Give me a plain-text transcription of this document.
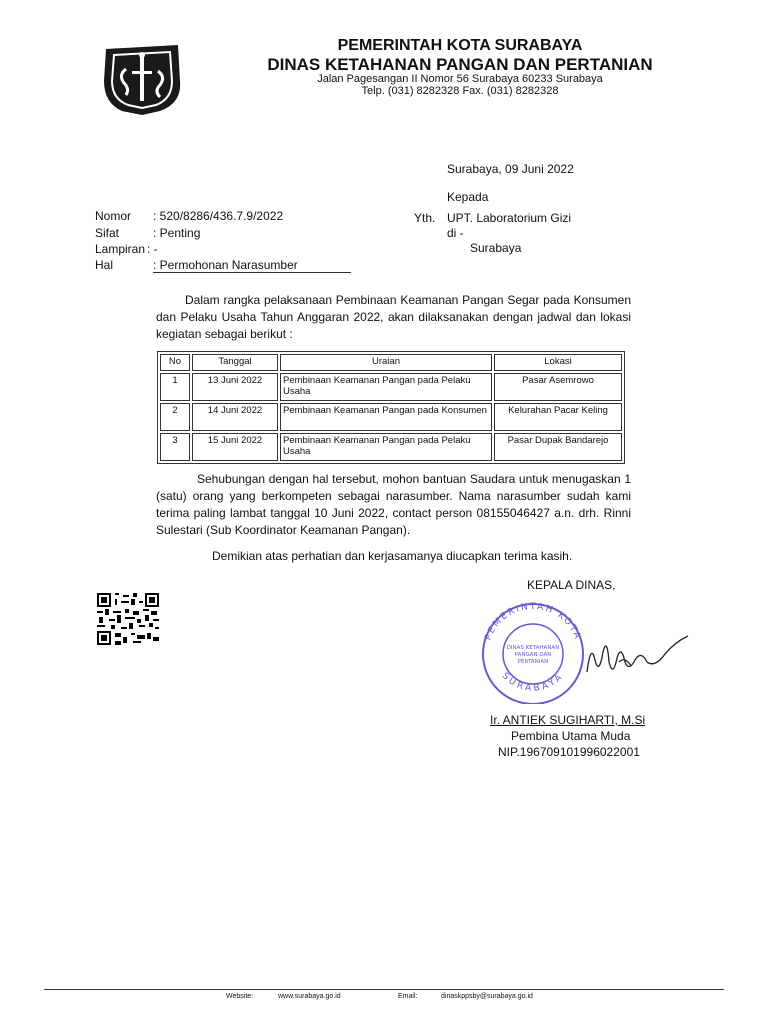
PEMERINTAH KOTA SURABAYA
DINAS KETAHANAN PANGAN DAN PERTANIAN
Jalan Pagesangan II Nomor 56 Surabaya 60233 Surabaya
Telp. (031) 8282328 Fax. (031) 8282328
Surabaya, 09 Juni 2022
Kepada
Yth. UPT. Laboratorium Gizi
di -
Surabaya
Nomor : 520/8286/436.7.9/2022
Sifat	: Penting
Lampiran : -
Hal	: Permohonan Narasumber
Dalam rangka pelaksanaan Pembinaan Keamanan Pangan Segar pada Konsumen dan Pelaku Usaha Tahun Anggaran 2022, akan dilaksanakan dengan jadwal dan lokasi kegiatan sebagai berikut :
No	Tanggal	Uraian	Lokasi
1	13 Juni 2022	Pembinaan Keamanan Pangan pada Pelaku Usaha	Pasar Asemrowo
2	14 Juni 2022	Pembinaan Keamanan Pangan pada Konsumen	Kelurahan Pacar Keling
3	15 Juni 2022	Pembinaan Keamanan Pangan pada Pelaku Usaha	Pasar Dupak Bandarejo
Sehubungan dengan hal tersebut, mohon bantuan Saudara untuk menugaskan 1 (satu) orang yang berkompeten sebagai narasumber. Nama narasumber sudah kami terima paling lambat tanggal 10 Juni 2022, contact person 08155046427 a.n. drh. Rinni Sulestari (Sub Koordinator Keamanan Pangan).
Demikian atas perhatian dan kerjasamanya diucapkan terima kasih.
KEPALA DINAS,
PEMERINTAH KOTA
SURABAYA
DINAS KETAHANAN
PANGAN DAN
PERTANIAN
Ir. ANTIEK SUGIHARTI, M.Si
Pembina Utama Muda
NIP.196709101996022001
Website:	www.surabaya.go.id	Email:	dinaskppsby@surabaya.go.id
